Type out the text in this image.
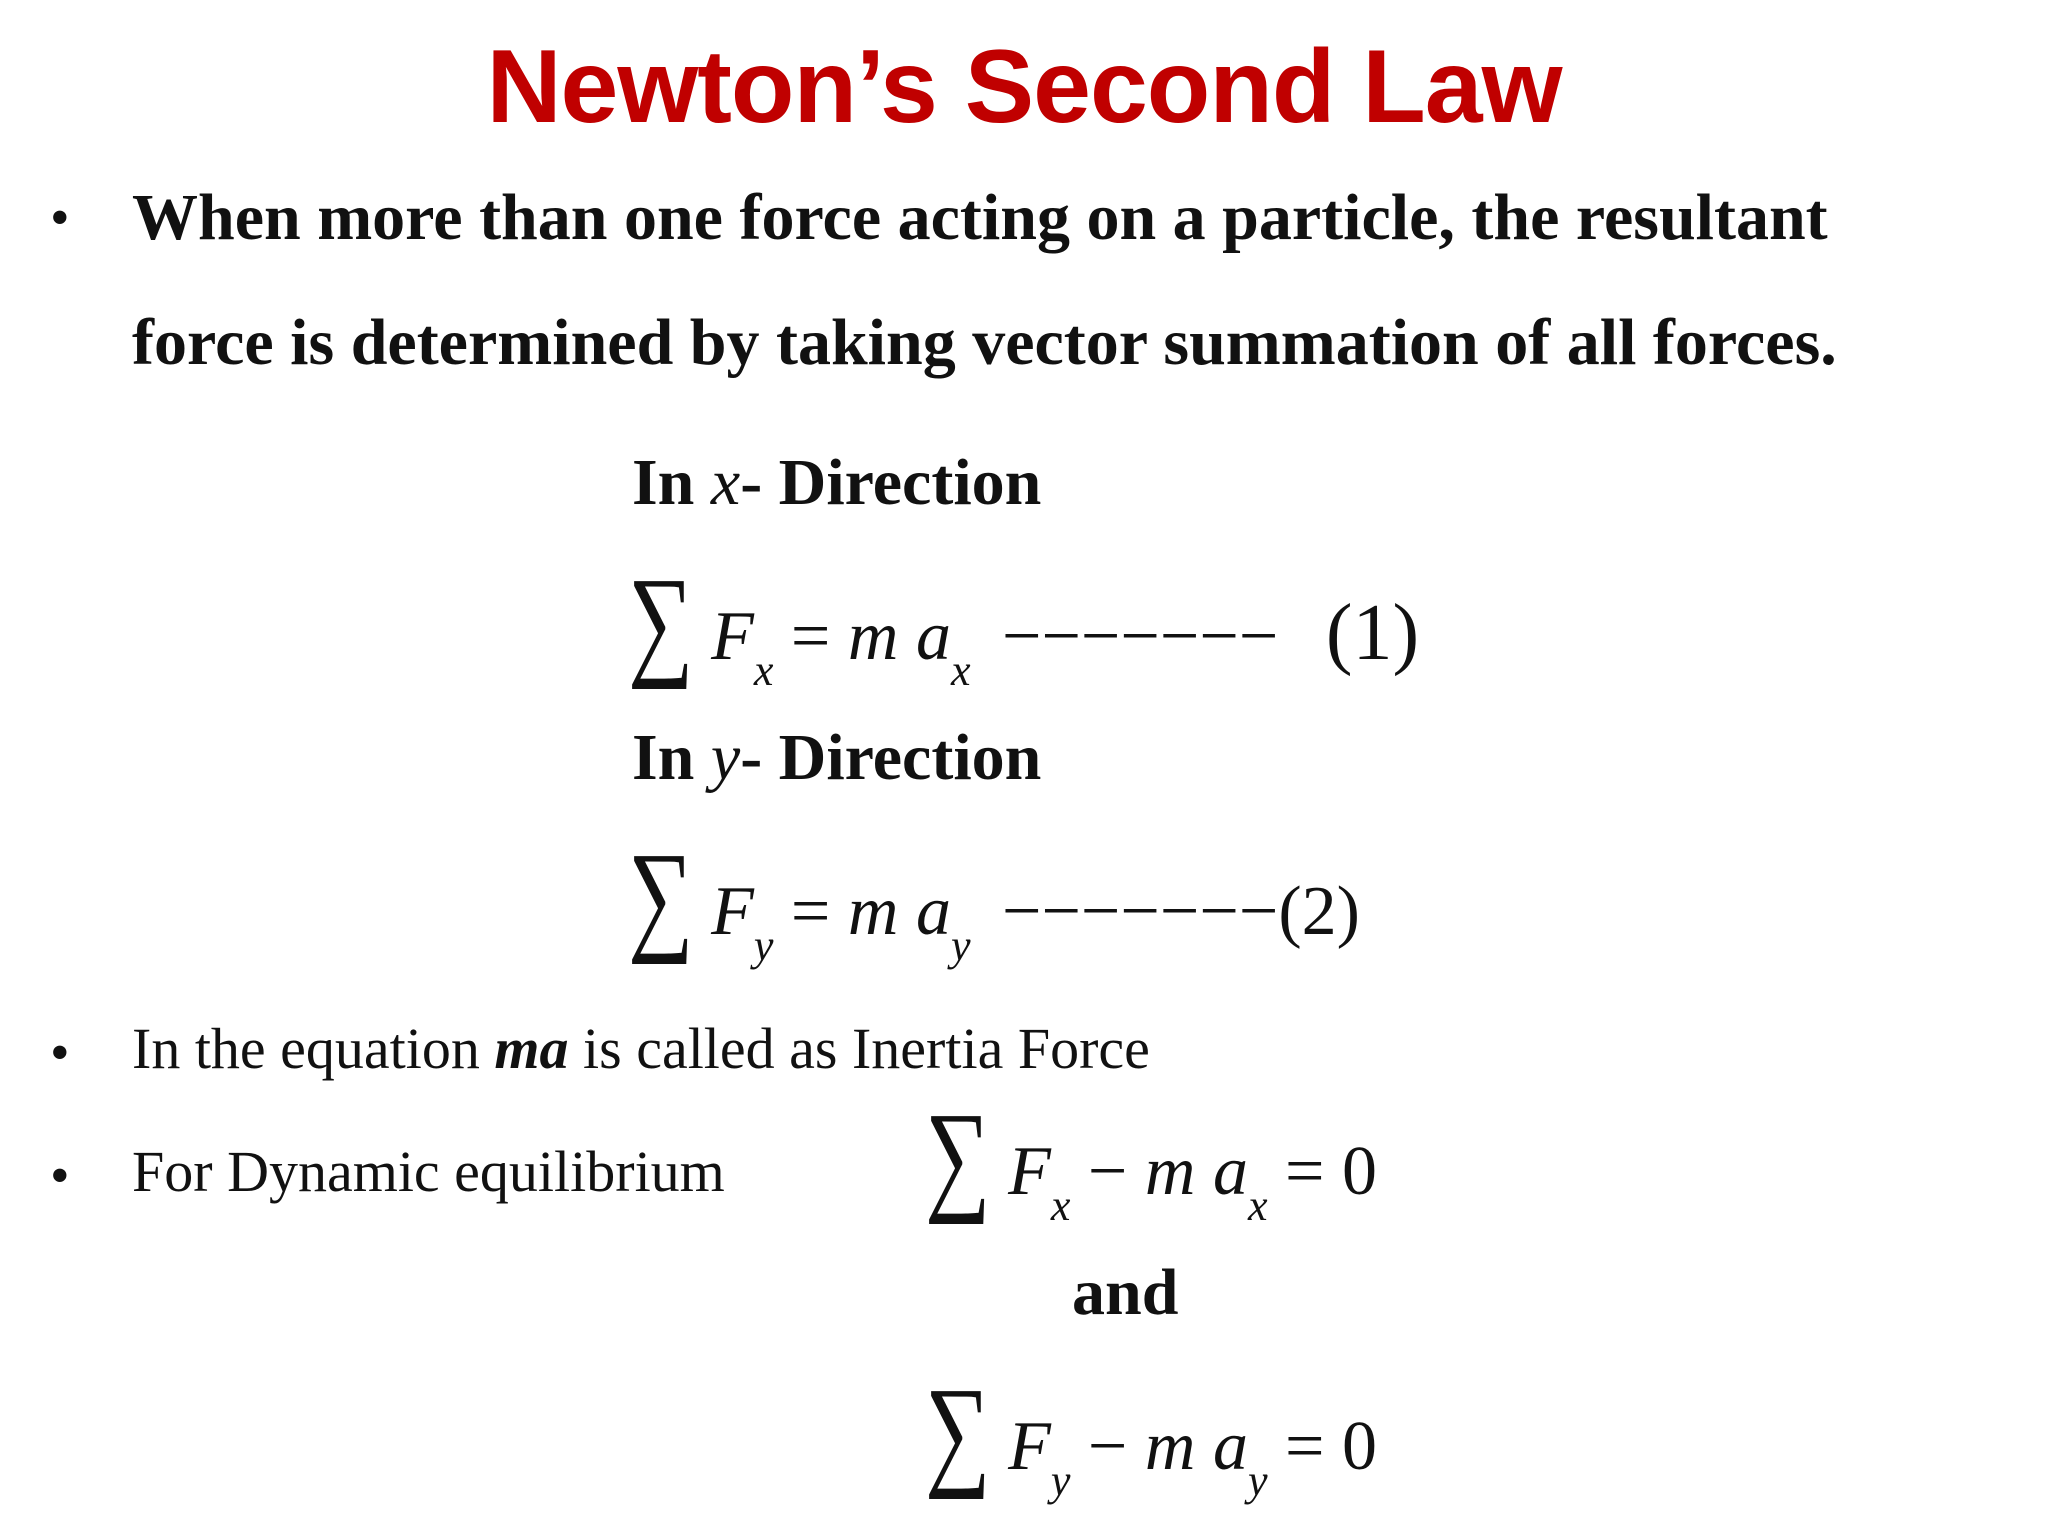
Newton’s Second Law
• When more than one force acting on a particle, the resultant
force is determined by taking vector summation of all forces.
In x- Direction
∑ $F_x = m$ $a_x$ −−−−−−− (1)
In y- Direction
∑ $F_y = m$ $a_y -------(2)$
• In the equation ma is called as Inertia Force
• For Dynamic equilibrium ∑ $F_x - m$ $a_x = 0$
and
∑ $F_y - m$ $a_y = 0$
